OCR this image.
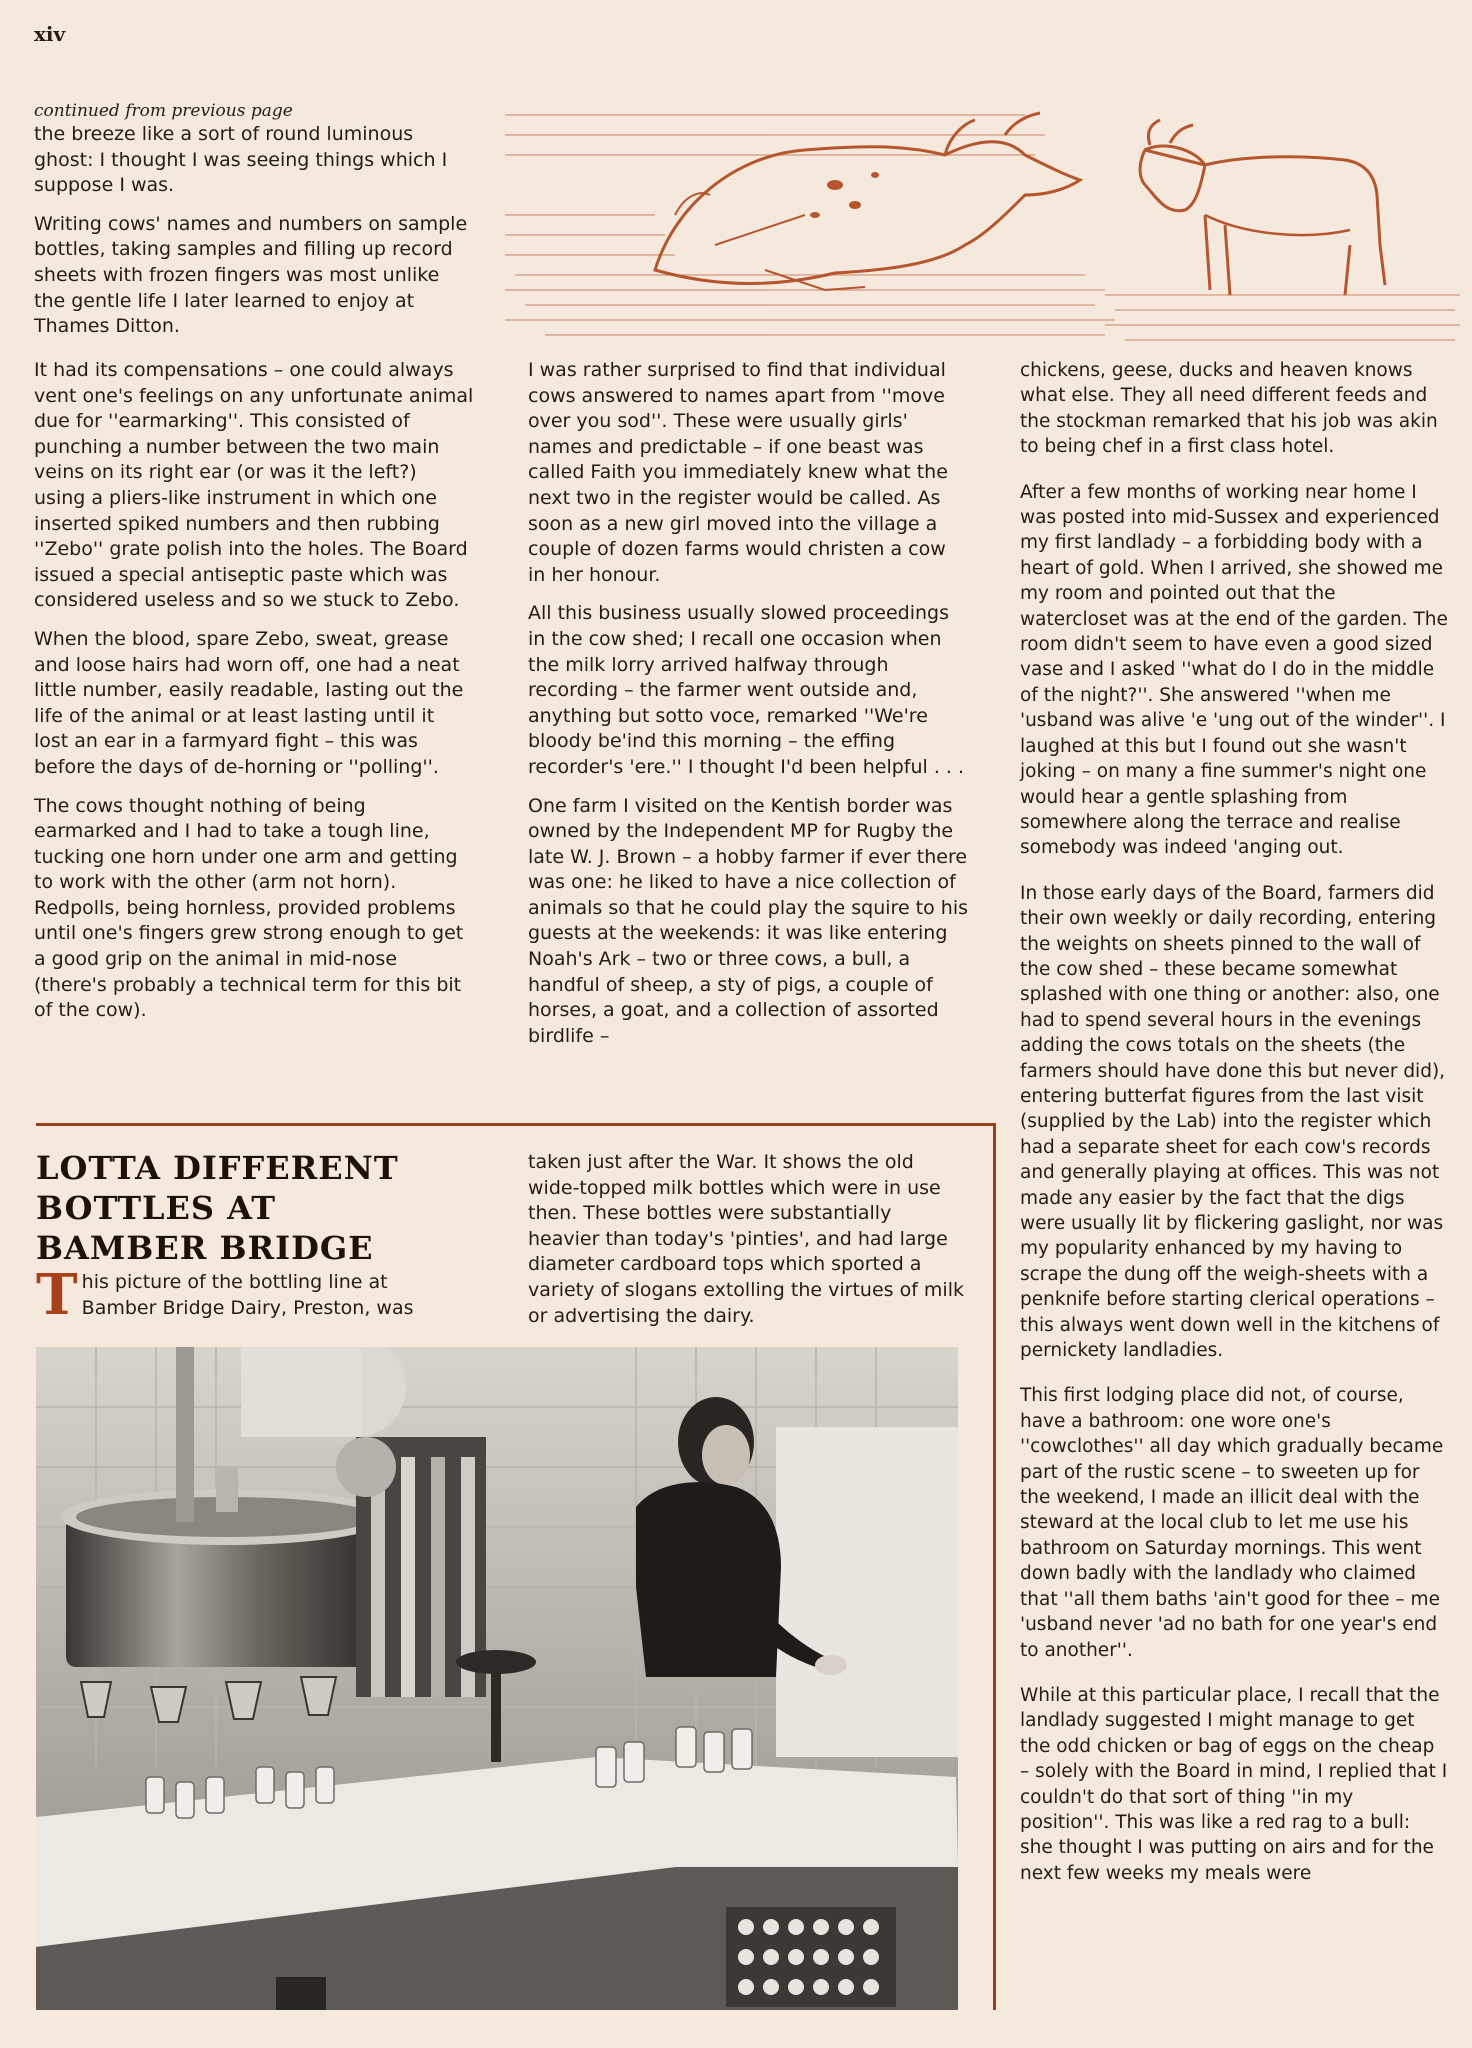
xiv
continued from previous page

the breeze like a sort of round luminous ghost: I thought I was seeing things which I suppose I was.

Writing cows' names and numbers on sample bottles, taking samples and filling up record sheets with frozen fingers was most unlike the gentle life I later learned to enjoy at Thames Ditton.

It had its compensations – one could always vent one's feelings on any unfortunate animal due for ''earmarking''. This consisted of punching a number between the two main veins on its right ear (or was it the left?) using a pliers-like instrument in which one inserted spiked numbers and then rubbing ''Zebo'' grate polish into the holes. The Board issued a special antiseptic paste which was considered useless and so we stuck to Zebo.

When the blood, spare Zebo, sweat, grease and loose hairs had worn off, one had a neat little number, easily readable, lasting out the life of the animal or at least lasting until it lost an ear in a farmyard fight – this was before the days of de-horning or ''polling''.

The cows thought nothing of being earmarked and I had to take a tough line, tucking one horn under one arm and getting to work with the other (arm not horn). Redpolls, being hornless, provided problems until one's fingers grew strong enough to get a good grip on the animal in mid-nose (there's probably a technical term for this bit of the cow).

I was rather surprised to find that individual cows answered to names apart from ''move over you sod''. These were usually girls' names and predictable – if one beast was called Faith you immediately knew what the next two in the register would be called. As soon as a new girl moved into the village a couple of dozen farms would christen a cow in her honour.

All this business usually slowed proceedings in the cow shed; I recall one occasion when the milk lorry arrived halfway through recording – the farmer went outside and, anything but sotto voce, remarked ''We're bloody be'ind this morning – the effing recorder's 'ere.'' I thought I'd been helpful . . .

One farm I visited on the Kentish border was owned by the Independent MP for Rugby the late W. J. Brown – a hobby farmer if ever there was one: he liked to have a nice collection of animals so that he could play the squire to his guests at the weekends: it was like entering Noah's Ark – two or three cows, a bull, a handful of sheep, a sty of pigs, a couple of horses, a goat, and a collection of assorted birdlife –

chickens, geese, ducks and heaven knows what else. They all need different feeds and the stockman remarked that his job was akin to being chef in a first class hotel.

After a few months of working near home I was posted into mid-Sussex and experienced my first landlady – a forbidding body with a heart of gold. When I arrived, she showed me my room and pointed out that the watercloset was at the end of the garden. The room didn't seem to have even a good sized vase and I asked ''what do I do in the middle of the night?''. She answered ''when me 'usband was alive 'e 'ung out of the winder''. I laughed at this but I found out she wasn't joking – on many a fine summer's night one would hear a gentle splashing from somewhere along the terrace and realise somebody was indeed 'anging out.

In those early days of the Board, farmers did their own weekly or daily recording, entering the weights on sheets pinned to the wall of the cow shed – these became somewhat splashed with one thing or another: also, one had to spend several hours in the evenings adding the cows totals on the sheets (the farmers should have done this but never did), entering butterfat figures from the last visit (supplied by the Lab) into the register which had a separate sheet for each cow's records and generally playing at offices. This was not made any easier by the fact that the digs were usually lit by flickering gaslight, nor was my popularity enhanced by my having to scrape the dung off the weigh-sheets with a penknife before starting clerical operations – this always went down well in the kitchens of pernickety landladies.

This first lodging place did not, of course, have a bathroom: one wore one's ''cowclothes'' all day which gradually became part of the rustic scene – to sweeten up for the weekend, I made an illicit deal with the steward at the local club to let me use his bathroom on Saturday mornings. This went down badly with the landlady who claimed that ''all them baths 'ain't good for thee – me 'usband never 'ad no bath for one year's end to another''.

While at this particular place, I recall that the landlady suggested I might manage to get the odd chicken or bag of eggs on the cheap – solely with the Board in mind, I replied that I couldn't do that sort of thing ''in my position''. This was like a red rag to a bull: she thought I was putting on airs and for the next few weeks my meals were

LOTTA DIFFERENT BOTTLES AT BAMBER BRIDGE
T his picture of the bottling line at Bamber Bridge Dairy, Preston, was

taken just after the War. It shows the old wide-topped milk bottles which were in use then. These bottles were substantially heavier than today's 'pinties', and had large diameter cardboard tops which sported a variety of slogans extolling the virtues of milk or advertising the dairy.
